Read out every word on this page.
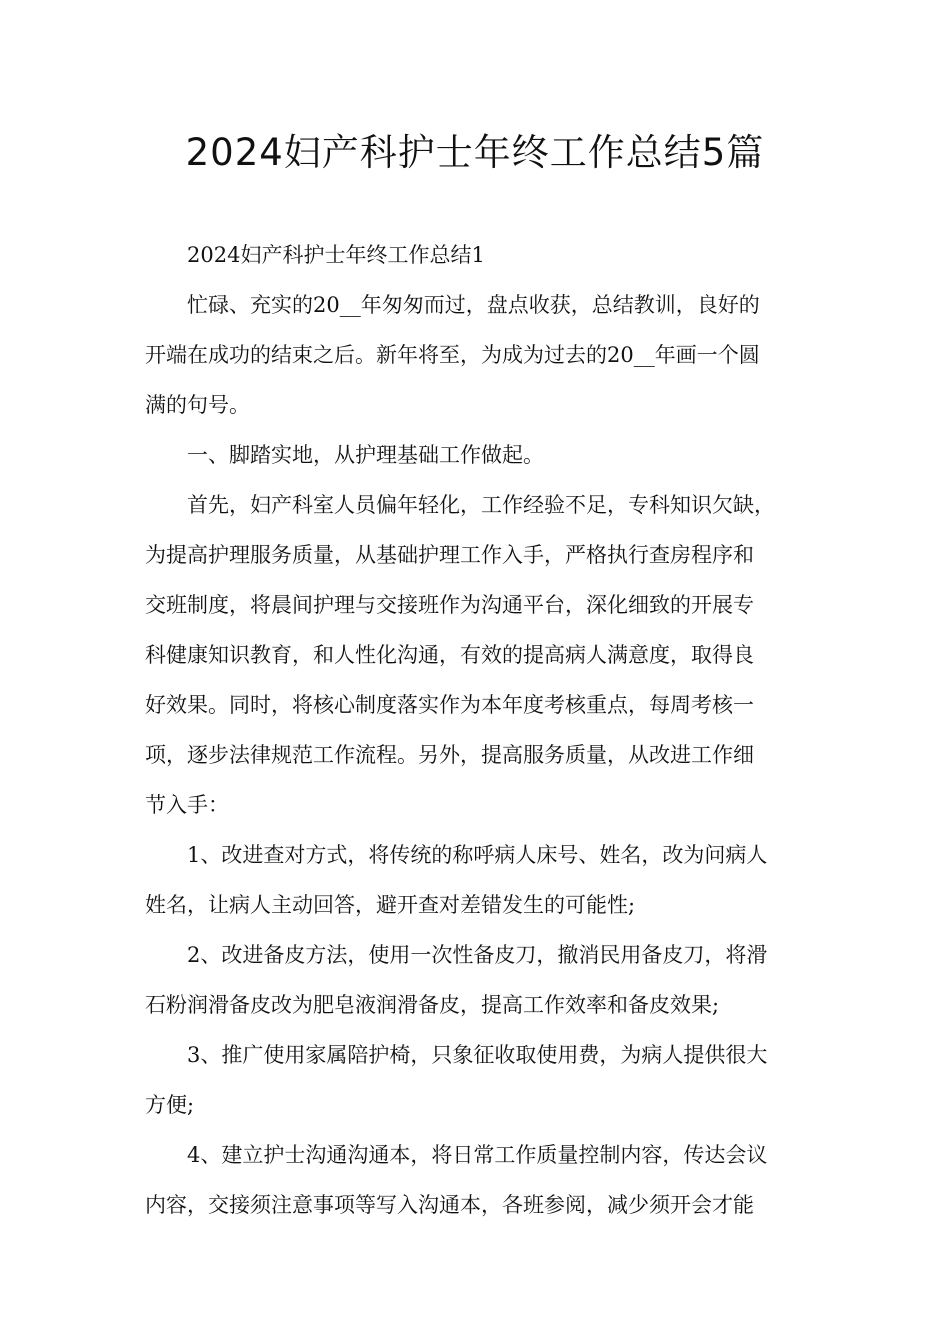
2024妇产科护士年终工作总结5篇

2024妇产科护士年终工作总结1

忙碌、充实的20__年匆匆而过，盘点收获，总结教训，良好的
开端在成功的结束之后。新年将至，为成为过去的20__年画一个圆
满的句号。

一、脚踏实地，从护理基础工作做起。

首先，妇产科室人员偏年轻化，工作经验不足，专科知识欠缺，
为提高护理服务质量，从基础护理工作入手，严格执行查房程序和
交班制度，将晨间护理与交接班作为沟通平台，深化细致的开展专
科健康知识教育，和人性化沟通，有效的提高病人满意度，取得良
好效果。同时，将核心制度落实作为本年度考核重点，每周考核一
项，逐步法律规范工作流程。另外，提高服务质量，从改进工作细
节入手：

1、改进查对方式，将传统的称呼病人床号、姓名，改为问病人
姓名，让病人主动回答，避开查对差错发生的可能性;

2、改进备皮方法，使用一次性备皮刀，撤消民用备皮刀，将滑
石粉润滑备皮改为肥皂液润滑备皮，提高工作效率和备皮效果;

3、推广使用家属陪护椅，只象征收取使用费，为病人提供很大
方便;

4、建立护士沟通沟通本，将日常工作质量控制内容，传达会议
内容，交接须注意事项等写入沟通本，各班参阅，减少须开会才能
